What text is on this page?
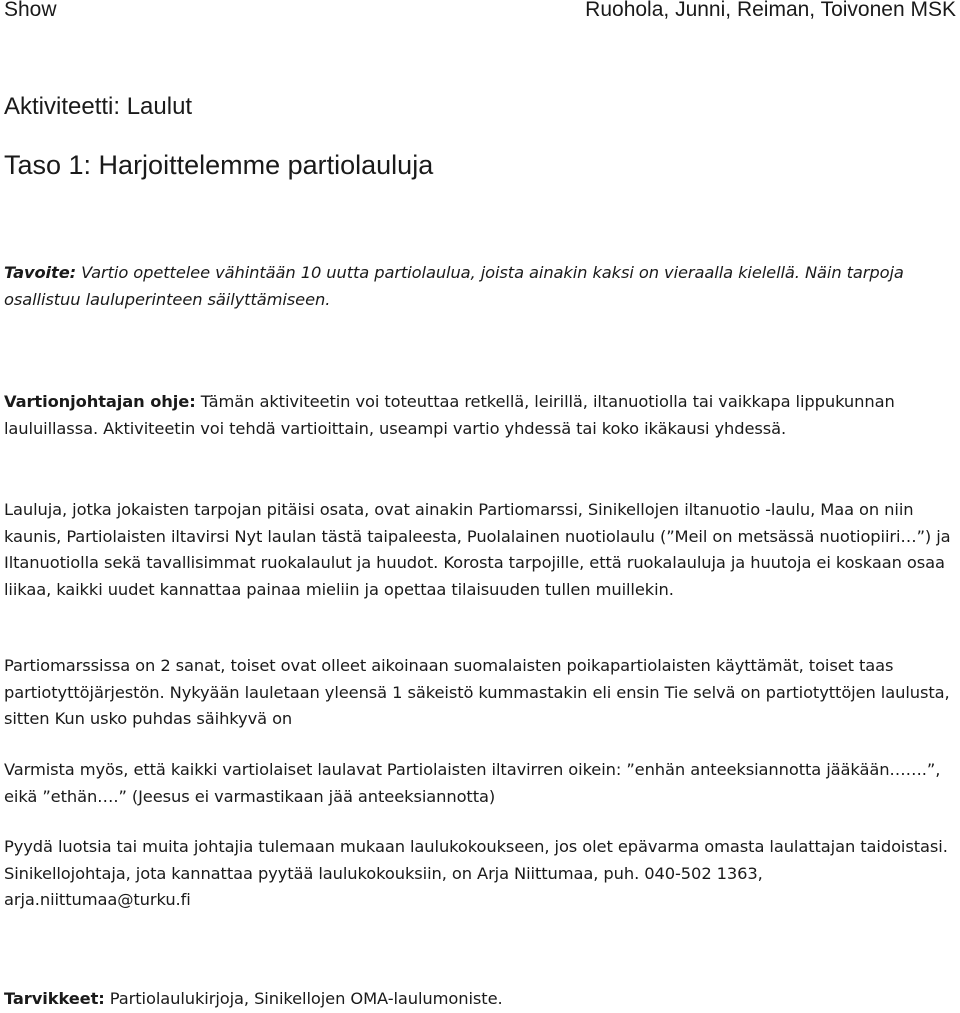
Show	Ruohola, Junni, Reiman, Toivonen MSK
Aktiviteetti: Laulut
Taso 1: Harjoittelemme partiolauluja

Tavoite: Vartio opettelee vähintään 10 uutta partiolaulua, joista ainakin kaksi on vieraalla kielellä. Näin tarpoja osallistuu lauluperinteen säilyttämiseen.

Vartionjohtajan ohje: Tämän aktiviteetin voi toteuttaa retkellä, leirillä, iltanuotiolla tai vaikkapa lippukunnan lauluillassa. Aktiviteetin voi tehdä vartioittain, useampi vartio yhdessä tai koko ikäkausi yhdessä.

Lauluja, jotka jokaisten tarpojan pitäisi osata, ovat ainakin Partiomarssi, Sinikellojen iltanuotio -laulu, Maa on niin kaunis, Partiolaisten iltavirsi Nyt laulan tästä taipaleesta, Puolalainen nuotiolaulu (”Meil on metsässä nuotiopiiri…”) ja Iltanuotiolla sekä tavallisimmat ruokalaulut ja huudot. Korosta tarpojille, että ruokalauluja ja huutoja ei koskaan osaa liikaa, kaikki uudet kannattaa painaa mieliin ja opettaa tilaisuuden tullen muillekin.

Partiomarssissa on 2 sanat, toiset ovat olleet aikoinaan suomalaisten poikapartiolaisten käyttämät, toiset taas partiotyttöjärjestön. Nykyään lauletaan yleensä 1 säkeistö kummastakin eli ensin Tie selvä on partiotyttöjen laulusta, sitten Kun usko puhdas säihkyvä on

Varmista myös, että kaikki vartiolaiset laulavat Partiolaisten iltavirren oikein: ”enhän anteeksiannotta jääkään…….”, eikä ”ethän….” (Jeesus ei varmastikaan jää anteeksiannotta)

Pyydä luotsia tai muita johtajia tulemaan mukaan laulukokoukseen, jos olet epävarma omasta laulattajan taidoistasi. Sinikellojohtaja, jota kannattaa pyytää laulukokouksiin, on Arja Niittumaa, puh. 040-502 1363, arja.niittumaa@turku.fi

Tarvikkeet: Partiolaulukirjoja, Sinikellojen OMA-laulumoniste.
